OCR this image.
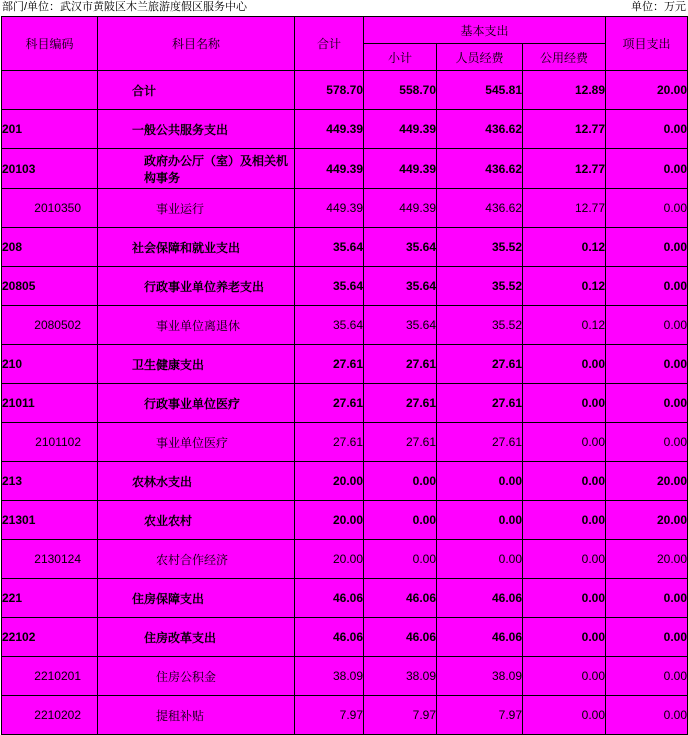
部门/单位：武汉市黄陂区木兰旅游度假区服务中心	单位：万元
科目编码	科目名称	合计	基本支出			项目支出
			小计	人员经费	公用经费	
	合计	578.70	558.70	545.81	12.89	20.00
201	一般公共服务支出	449.39	449.39	436.62	12.77	0.00
20103	政府办公厅（室）及相关机构事务	449.39	449.39	436.62	12.77	0.00
2010350	事业运行	449.39	449.39	436.62	12.77	0.00
208	社会保障和就业支出	35.64	35.64	35.52	0.12	0.00
20805	行政事业单位养老支出	35.64	35.64	35.52	0.12	0.00
2080502	事业单位离退休	35.64	35.64	35.52	0.12	0.00
210	卫生健康支出	27.61	27.61	27.61	0.00	0.00
21011	行政事业单位医疗	27.61	27.61	27.61	0.00	0.00
2101102	事业单位医疗	27.61	27.61	27.61	0.00	0.00
213	农林水支出	20.00	0.00	0.00	0.00	20.00
21301	农业农村	20.00	0.00	0.00	0.00	20.00
2130124	农村合作经济	20.00	0.00	0.00	0.00	20.00
221	住房保障支出	46.06	46.06	46.06	0.00	0.00
22102	住房改革支出	46.06	46.06	46.06	0.00	0.00
2210201	住房公积金	38.09	38.09	38.09	0.00	0.00
2210202	提租补贴	7.97	7.97	7.97	0.00	0.00
